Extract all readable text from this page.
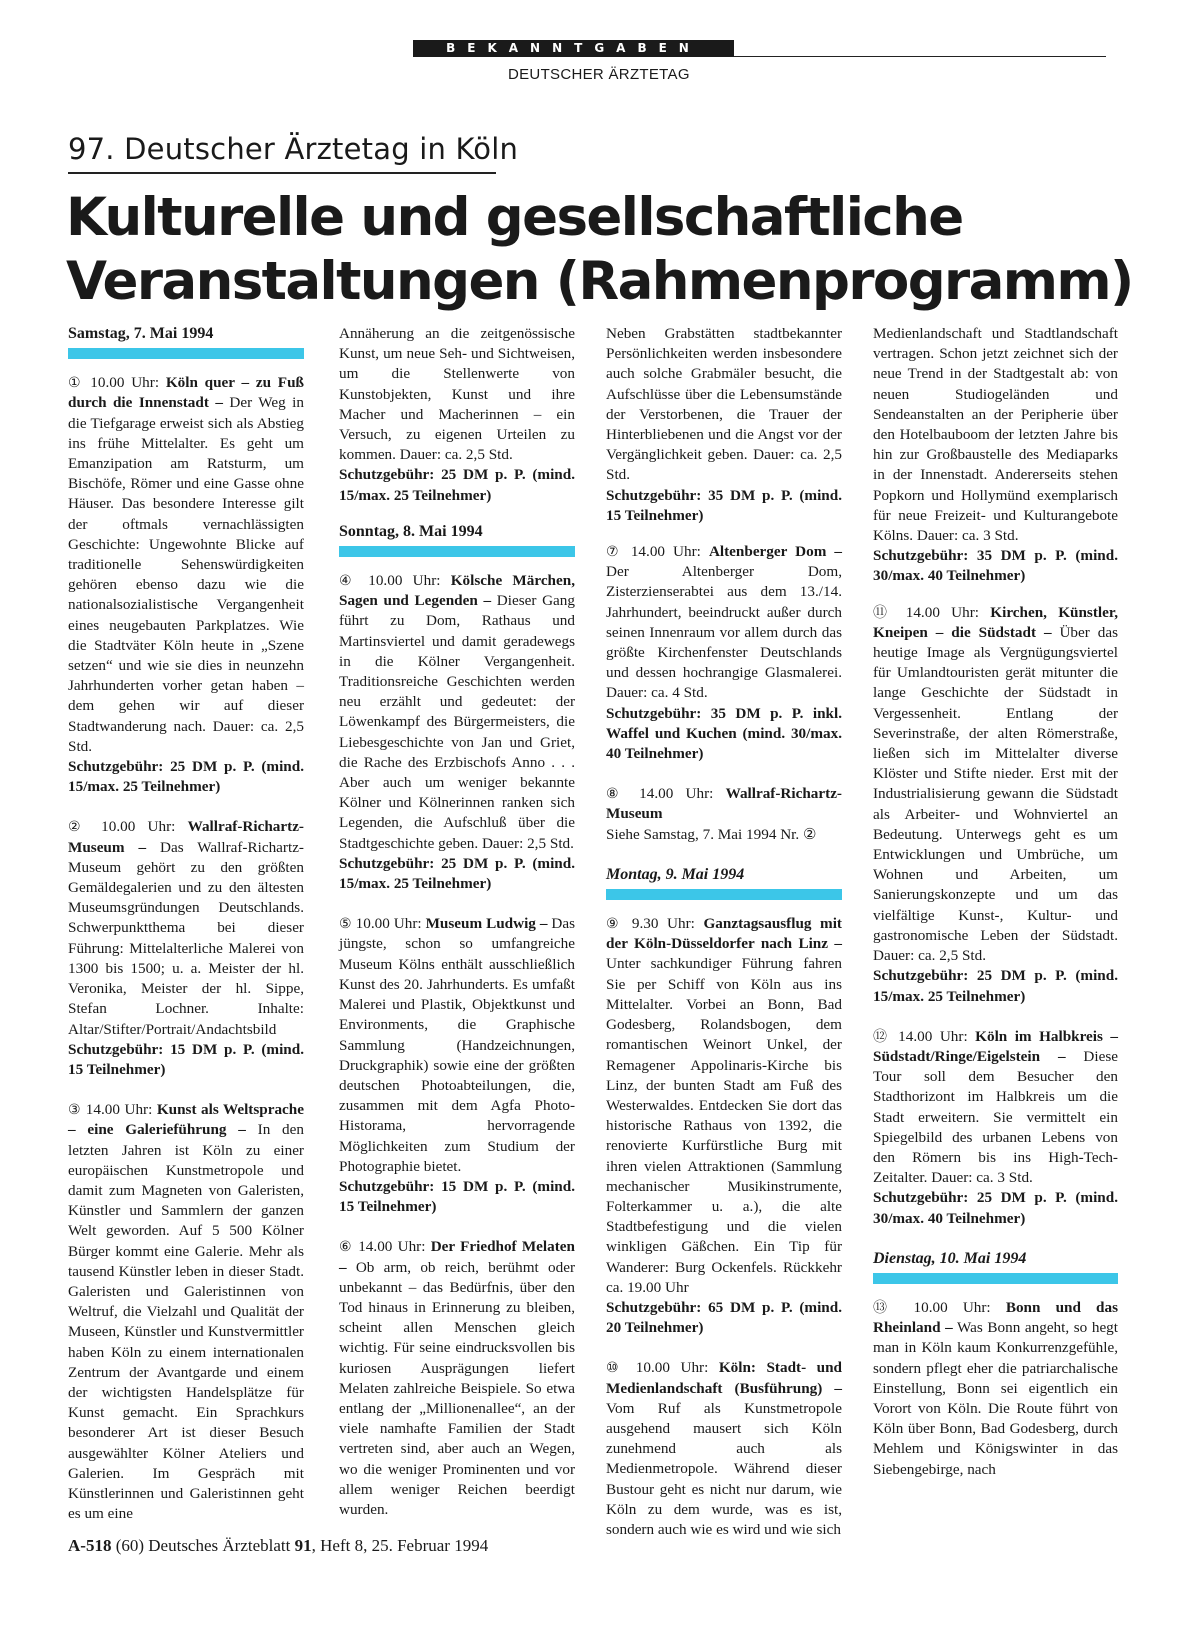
BEKANNTGABEN
DEUTSCHER ÄRZTETAG
97. Deutscher Ärztetag in Köln
Kulturelle und gesellschaftliche Veranstaltungen (Rahmenprogramm)
Samstag, 7. Mai 1994

① 10.00 Uhr: Köln quer – zu Fuß durch die Innenstadt – Der Weg in die Tiefgarage erweist sich als Abstieg ins frühe Mittelalter. Es geht um Emanzipation am Ratsturm, um Bischöfe, Römer und eine Gasse ohne Häuser. Das besondere Interesse gilt der oftmals vernachlässigten Geschichte: Ungewohnte Blicke auf traditionelle Sehenswürdigkeiten gehören ebenso dazu wie die nationalsozialistische Vergangenheit eines neugebauten Parkplatzes. Wie die Stadtväter Köln heute in „Szene setzen“ und wie sie dies in neunzehn Jahrhunderten vorher getan haben – dem gehen wir auf dieser Stadtwanderung nach. Dauer: ca. 2,5 Std.
Schutzgebühr: 25 DM p. P. (mind. 15/max. 25 Teilnehmer)

② 10.00 Uhr: Wallraf-Richartz-Museum – Das Wallraf-Richartz-Museum gehört zu den größten Gemäldegalerien und zu den ältesten Museumsgründungen Deutschlands. Schwerpunktthema bei dieser Führung: Mittelalterliche Malerei von 1300 bis 1500; u. a. Meister der hl. Veronika, Meister der hl. Sippe, Stefan Lochner. Inhalte: Altar/Stifter/Portrait/Andachtsbild
Schutzgebühr: 15 DM p. P. (mind. 15 Teilnehmer)

③ 14.00 Uhr: Kunst als Weltsprache – eine Galerieführung – In den letzten Jahren ist Köln zu einer europäischen Kunstmetropole und damit zum Magneten von Galeristen, Künstler und Sammlern der ganzen Welt geworden. Auf 5 500 Kölner Bürger kommt eine Galerie. Mehr als tausend Künstler leben in dieser Stadt. Galeristen und Galeristinnen von Weltruf, die Vielzahl und Qualität der Museen, Künstler und Kunstvermittler haben Köln zu einem internationalen Zentrum der Avantgarde und einem der wichtigsten Handelsplätze für Kunst gemacht. Ein Sprachkurs besonderer Art ist dieser Besuch ausgewählter Kölner Ateliers und Galerien. Im Gespräch mit Künstlerinnen und Galeristinnen geht es um eine

Annäherung an die zeitgenössische Kunst, um neue Seh- und Sichtweisen, um die Stellenwerte von Kunstobjekten, Kunst und ihre Macher und Macherinnen – ein Versuch, zu eigenen Urteilen zu kommen. Dauer: ca. 2,5 Std.
Schutzgebühr: 25 DM p. P. (mind. 15/max. 25 Teilnehmer)

Sonntag, 8. Mai 1994

④ 10.00 Uhr: Kölsche Märchen, Sagen und Legenden – Dieser Gang führt zu Dom, Rathaus und Martinsviertel und damit geradewegs in die Kölner Vergangenheit. Traditionsreiche Geschichten werden neu erzählt und gedeutet: der Löwenkampf des Bürgermeisters, die Liebesgeschichte von Jan und Griet, die Rache des Erzbischofs Anno . . . Aber auch um weniger bekannte Kölner und Kölnerinnen ranken sich Legenden, die Aufschluß über die Stadtgeschichte geben. Dauer: 2,5 Std.
Schutzgebühr: 25 DM p. P. (mind. 15/max. 25 Teilnehmer)

⑤ 10.00 Uhr: Museum Ludwig – Das jüngste, schon so umfangreiche Museum Kölns enthält ausschließlich Kunst des 20. Jahrhunderts. Es umfaßt Malerei und Plastik, Objektkunst und Environments, die Graphische Sammlung (Handzeichnungen, Druckgraphik) sowie eine der größten deutschen Photoabteilungen, die, zusammen mit dem Agfa Photo-Historama, hervorragende Möglichkeiten zum Studium der Photographie bietet.
Schutzgebühr: 15 DM p. P. (mind. 15 Teilnehmer)

⑥ 14.00 Uhr: Der Friedhof Melaten – Ob arm, ob reich, berühmt oder unbekannt – das Bedürfnis, über den Tod hinaus in Erinnerung zu bleiben, scheint allen Menschen gleich wichtig. Für seine eindrucksvollen bis kuriosen Ausprägungen liefert Melaten zahlreiche Beispiele. So etwa entlang der „Millionenallee“, an der viele namhafte Familien der Stadt vertreten sind, aber auch an Wegen, wo die weniger Prominenten und vor allem weniger Reichen beerdigt wurden.

Neben Grabstätten stadtbekannter Persönlichkeiten werden insbesondere auch solche Grabmäler besucht, die Aufschlüsse über die Lebensumstände der Verstorbenen, die Trauer der Hinterbliebenen und die Angst vor der Vergänglichkeit geben. Dauer: ca. 2,5 Std.
Schutzgebühr: 35 DM p. P. (mind. 15 Teilnehmer)

⑦ 14.00 Uhr: Altenberger Dom – Der Altenberger Dom, Zisterzienserabtei aus dem 13./14. Jahrhundert, beeindruckt außer durch seinen Innenraum vor allem durch das größte Kirchenfenster Deutschlands und dessen hochrangige Glasmalerei. Dauer: ca. 4 Std.
Schutzgebühr: 35 DM p. P. inkl. Waffel und Kuchen (mind. 30/max. 40 Teilnehmer)

⑧ 14.00 Uhr: Wallraf-Richartz-Museum
Siehe Samstag, 7. Mai 1994 Nr. ②

Montag, 9. Mai 1994

⑨ 9.30 Uhr: Ganztagsausflug mit der Köln-Düsseldorfer nach Linz – Unter sachkundiger Führung fahren Sie per Schiff von Köln aus ins Mittelalter. Vorbei an Bonn, Bad Godesberg, Rolandsbogen, dem romantischen Weinort Unkel, der Remagener Appolinaris-Kirche bis Linz, der bunten Stadt am Fuß des Westerwaldes. Entdecken Sie dort das historische Rathaus von 1392, die renovierte Kurfürstliche Burg mit ihren vielen Attraktionen (Sammlung mechanischer Musikinstrumente, Folterkammer u. a.), die alte Stadtbefestigung und die vielen winkligen Gäßchen. Ein Tip für Wanderer: Burg Ockenfels. Rückkehr ca. 19.00 Uhr
Schutzgebühr: 65 DM p. P. (mind. 20 Teilnehmer)

⑩ 10.00 Uhr: Köln: Stadt- und Medienlandschaft (Busführung) – Vom Ruf als Kunstmetropole ausgehend mausert sich Köln zunehmend auch als Medienmetropole. Während dieser Bustour geht es nicht nur darum, wie Köln zu dem wurde, was es ist, sondern auch wie es wird und wie sich

Medienlandschaft und Stadtlandschaft vertragen. Schon jetzt zeichnet sich der neue Trend in der Stadtgestalt ab: von neuen Studiogeländen und Sendeanstalten an der Peripherie über den Hotelbauboom der letzten Jahre bis hin zur Großbaustelle des Mediaparks in der Innenstadt. Andererseits stehen Popkorn und Hollymünd exemplarisch für neue Freizeit- und Kulturangebote Kölns. Dauer: ca. 3 Std.
Schutzgebühr: 35 DM p. P. (mind. 30/max. 40 Teilnehmer)

⑪ 14.00 Uhr: Kirchen, Künstler, Kneipen – die Südstadt – Über das heutige Image als Vergnügungsviertel für Umlandtouristen gerät mitunter die lange Geschichte der Südstadt in Vergessenheit. Entlang der Severinstraße, der alten Römerstraße, ließen sich im Mittelalter diverse Klöster und Stifte nieder. Erst mit der Industrialisierung gewann die Südstadt als Arbeiter- und Wohnviertel an Bedeutung. Unterwegs geht es um Entwicklungen und Umbrüche, um Wohnen und Arbeiten, um Sanierungskonzepte und um das vielfältige Kunst-, Kultur- und gastronomische Leben der Südstadt. Dauer: ca. 2,5 Std.
Schutzgebühr: 25 DM p. P. (mind. 15/max. 25 Teilnehmer)

⑫ 14.00 Uhr: Köln im Halbkreis – Südstadt/Ringe/Eigelstein – Diese Tour soll dem Besucher den Stadthorizont im Halbkreis um die Stadt erweitern. Sie vermittelt ein Spiegelbild des urbanen Lebens von den Römern bis ins High-Tech-Zeitalter. Dauer: ca. 3 Std.
Schutzgebühr: 25 DM p. P. (mind. 30/max. 40 Teilnehmer)

Dienstag, 10. Mai 1994

⑬ 10.00 Uhr: Bonn und das Rheinland – Was Bonn angeht, so hegt man in Köln kaum Konkurrenzgefühle, sondern pflegt eher die patriarchalische Einstellung, Bonn sei eigentlich ein Vorort von Köln. Die Route führt von Köln über Bonn, Bad Godesberg, durch Mehlem und Königswinter in das Siebengebirge, nach

A-518 (60) Deutsches Ärzteblatt 91, Heft 8, 25. Februar 1994
